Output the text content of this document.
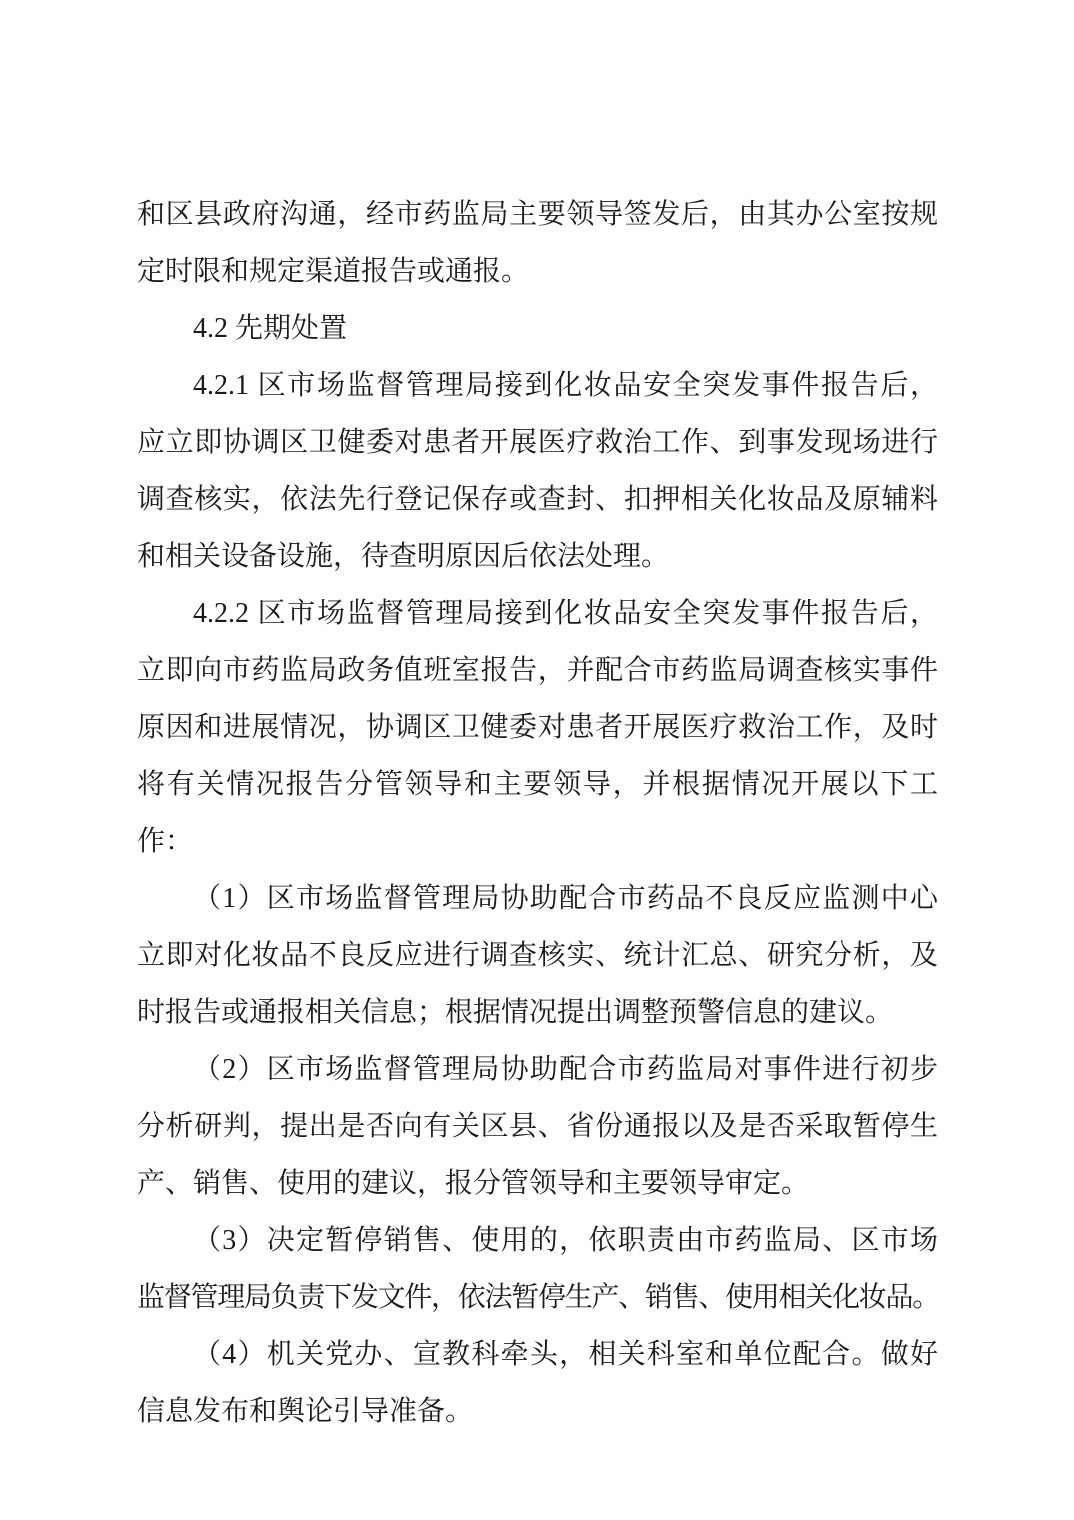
和区县政府沟通，经市药监局主要领导签发后，由其办公室按规
定时限和规定渠道报告或通报。
4.2 先期处置
4.2.1 区市场监督管理局接到化妆品安全突发事件报告后，
应立即协调区卫健委对患者开展医疗救治工作、到事发现场进行
调查核实，依法先行登记保存或查封、扣押相关化妆品及原辅料
和相关设备设施，待查明原因后依法处理。
4.2.2 区市场监督管理局接到化妆品安全突发事件报告后，
立即向市药监局政务值班室报告，并配合市药监局调查核实事件
原因和进展情况，协调区卫健委对患者开展医疗救治工作，及时
将有关情况报告分管领导和主要领导，并根据情况开展以下工
作：
（1）区市场监督管理局协助配合市药品不良反应监测中心
立即对化妆品不良反应进行调查核实、统计汇总、研究分析，及
时报告或通报相关信息；根据情况提出调整预警信息的建议。
（2）区市场监督管理局协助配合市药监局对事件进行初步
分析研判，提出是否向有关区县、省份通报以及是否采取暂停生
产、销售、使用的建议，报分管领导和主要领导审定。
（3）决定暂停销售、使用的，依职责由市药监局、区市场
监督管理局负责下发文件，依法暂停生产、销售、使用相关化妆品。
（4）机关党办、宣教科牵头，相关科室和单位配合。做好
信息发布和舆论引导准备。
